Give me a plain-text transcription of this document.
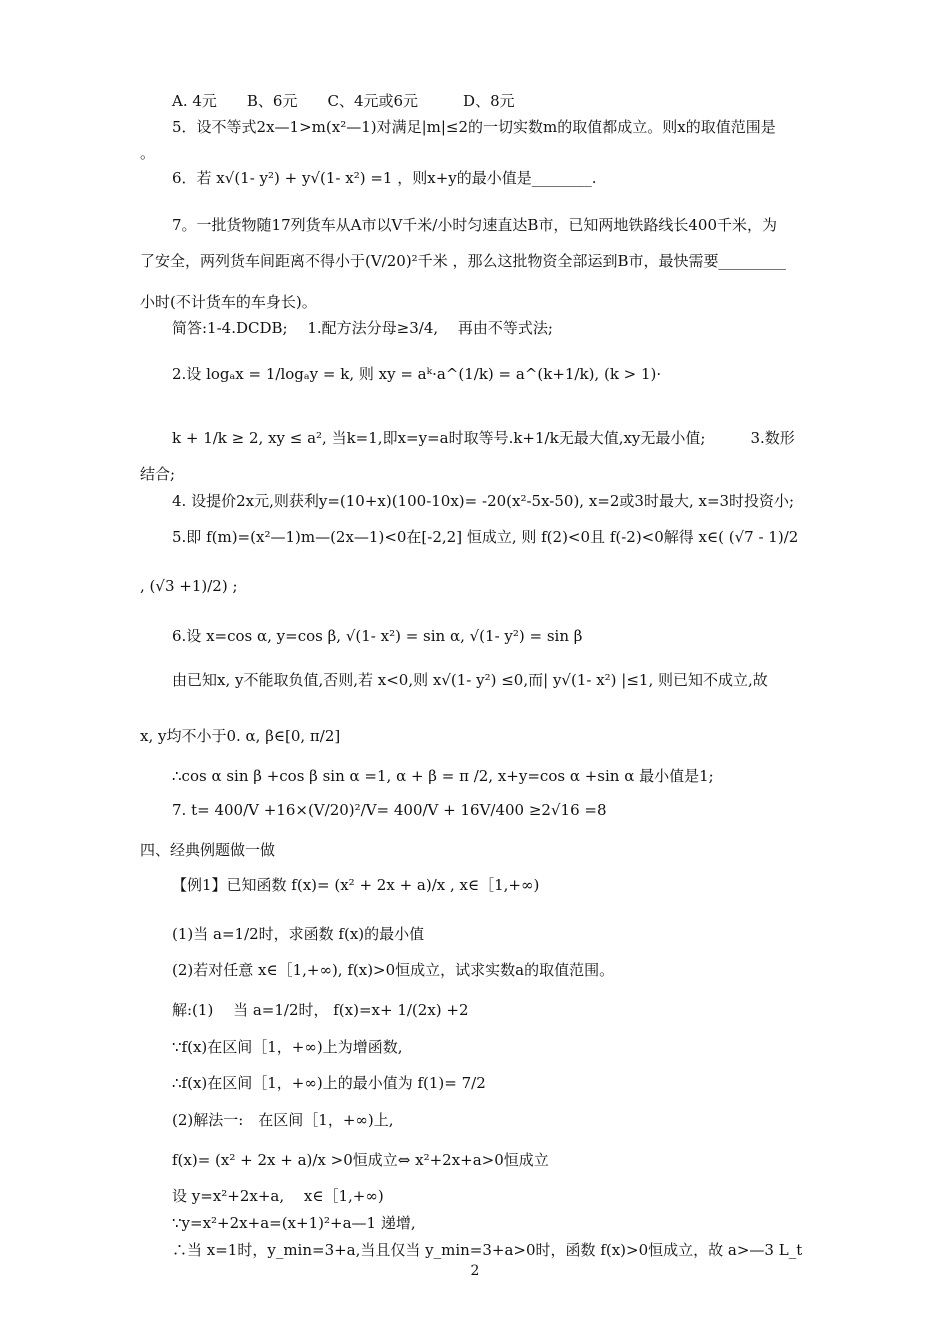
A. 4元　　B、6元　　C、4元或6元　　　D、8元
5．设不等式2x—1>m(x²—1)对满足|m|≤2的一切实数m的取值都成立。则x的取值范围是
。
6．若 x√(1- y²) + y√(1- x²) =1 ，则x+y的最小值是________.
7。一批货物随17列货车从A市以V千米/小时匀速直达B市，已知两地铁路线长400千米，为
了安全，两列货车间距离不得小于(V/20)²千米 ，那么这批物资全部运到B市，最快需要_________
小时(不计货车的车身长)。
简答:1-4.DCDB;　 1.配方法分母≥3/4, 　再由不等式法;
2.设 logₐx = 1/logₐy = k, 则 xy = aᵏ·a^(1/k) = a^(k+1/k), (k > 1)·
k + 1/k ≥ 2, xy ≤ a², 当k=1,即x=y=a时取等号.k+1/k无最大值,xy无最小值;　　　3.数形
结合;
4. 设提价2x元,则获利y=(10+x)(100-10x)= -20(x²-5x-50), x=2或3时最大, x=3时投资小;
5.即 f(m)=(x²—1)m—(2x—1)<0在[-2,2] 恒成立, 则 f(2)<0且 f(-2)<0解得 x∈( (√7 - 1)/2
, (√3 +1)/2) ;
6.设 x=cos α, y=cos β, √(1- x²) = sin α, √(1- y²) = sin β
由已知x, y不能取负值,否则,若 x<0,则 x√(1- y²) ≤0,而| y√(1- x²) |≤1, 则已知不成立,故
x, y均不小于0. α, β∈[0, π/2]
∴cos α sin β +cos β sin α =1, α + β = π /2, x+y=cos α +sin α 最小值是1;
7. t= 400/V +16×(V/20)²/V= 400/V + 16V/400 ≥2√16 =8
四、经典例题做一做
【例1】已知函数 f(x)= (x² + 2x + a)/x , x∈［1,+∞)
(1)当 a=1/2时，求函数 f(x)的最小值
(2)若对任意 x∈［1,+∞), f(x)>0恒成立，试求实数a的取值范围。
解:(1)　 当 a=1/2时， f(x)=x+ 1/(2x) +2
∵f(x)在区间［1，+∞)上为增函数,
∴f(x)在区间［1，+∞)上的最小值为 f(1)= 7/2
(2)解法一:　在区间［1，+∞)上,
f(x)= (x² + 2x + a)/x >0恒成立⇔ x²+2x+a>0恒成立
设 y=x²+2x+a,　 x∈［1,+∞)
∵y=x²+2x+a=(x+1)²+a—1 递增,
∴当 x=1时，y_min=3+a,当且仅当 y_min=3+a>0时，函数 f(x)>0恒成立，故 a>—3 L_t
2
